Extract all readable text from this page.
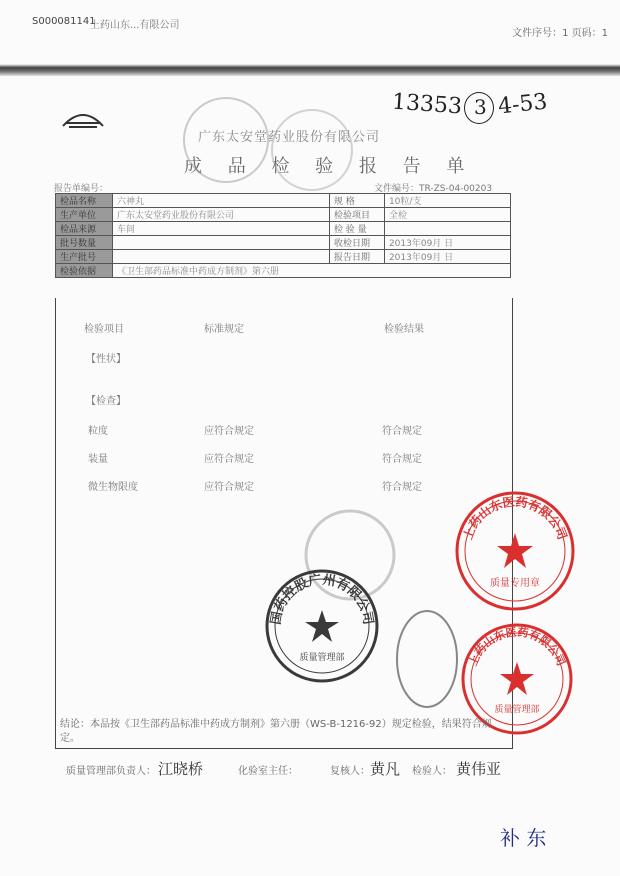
S000081141
上药山东...有限公司
文件序号：1 页码：1
13353 3 4-53
广东太安堂药业股份有限公司
成 品 检 验 报 告 单
报告单编号：	文件编号：TR-ZS-04-00203
检品名称	六神丸	规 格	10粒/支
生产单位	广东太安堂药业股份有限公司	检验项目	全检
检品来源	车间	检 验 量	
批号数量		收检日期	2013年09月 日
生产批号		报告日期	2013年09月 日
检验依据	《卫生部药品标准中药成方制剂》第六册		
检验项目	标准规定	检验结果
【性状】
【检查】
粒度	应符合规定	符合规定
装量	应符合规定	符合规定
微生物限度	应符合规定	符合规定
国药控股广州有限公司
质量管理部
上药山东医药有限公司
质量专用章
上药山东医药有限公司
质量管理部
结论：本品按《卫生部药品标准中药成方制剂》第六册（WS-B-1216-92）规定检验，结果符合规定。
质量管理部负责人： 江晓桥	化验室主任：	复核人： 黄凡 检验人： 黄伟亚
补 东
